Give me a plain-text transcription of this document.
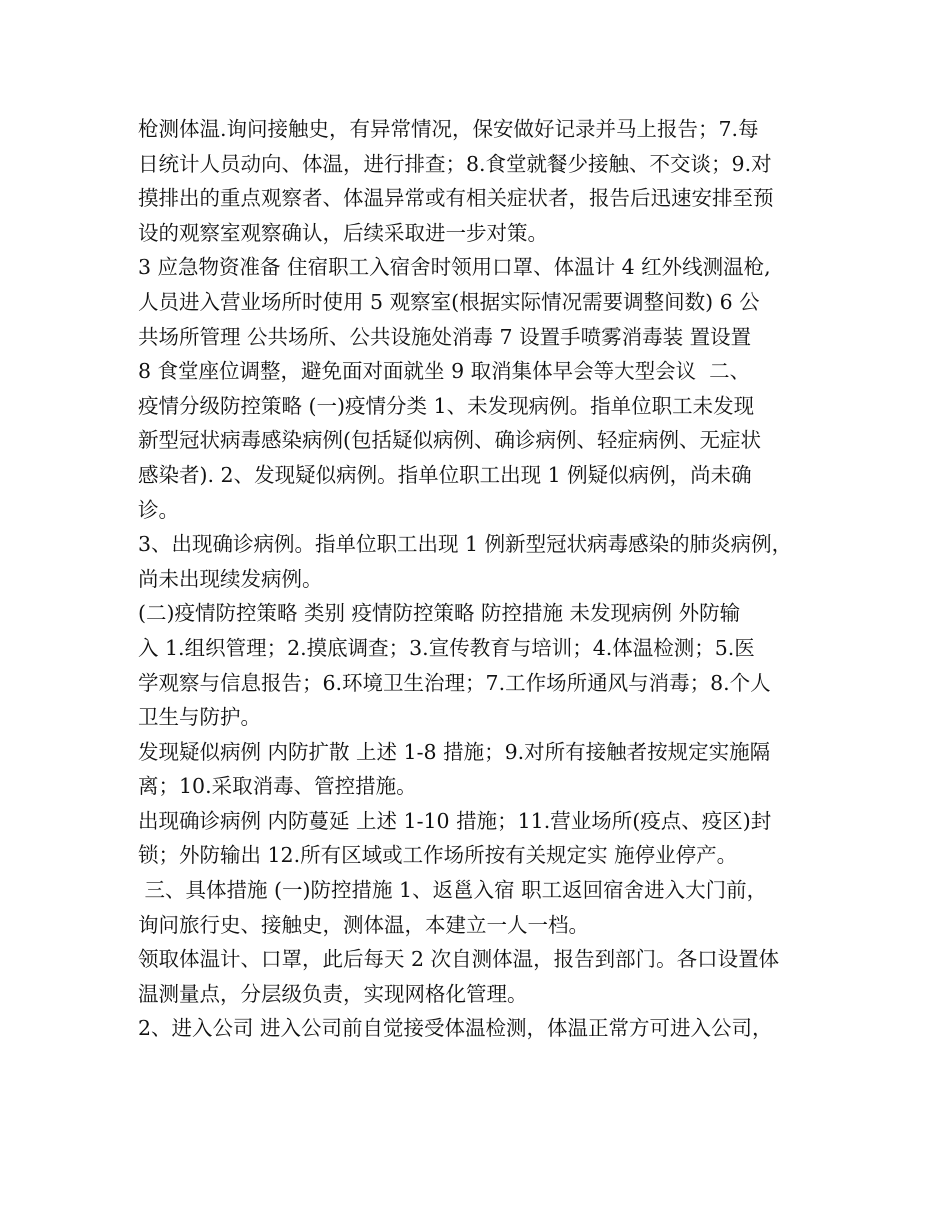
枪测体温.询问接触史，有异常情况，保安做好记录并马上报告；7.每
日统计人员动向、体温，进行排查；8.食堂就餐少接触、不交谈；9.对
摸排出的重点观察者、体温异常或有相关症状者，报告后迅速安排至预
设的观察室观察确认，后续采取进一步对策。
3 应急物资准备 住宿职工入宿舍时领用口罩、体温计 4 红外线测温枪,
人员进入营业场所时使用 5 观察室(根据实际情况需要调整间数) 6 公
共场所管理 公共场所、公共设施处消毒 7 设置手喷雾消毒装 置设置
8 食堂座位调整，避免面对面就坐 9 取消集体早会等大型会议  二、
疫情分级防控策略 (一)疫情分类 1、未发现病例。指单位职工未发现
新型冠状病毒感染病例(包括疑似病例、确诊病例、轻症病例、无症状
感染者). 2、发现疑似病例。指单位职工出现 1 例疑似病例，尚未确
诊。
3、出现确诊病例。指单位职工出现 1 例新型冠状病毒感染的肺炎病例，
尚未出现续发病例。
(二)疫情防控策略 类别 疫情防控策略 防控措施 未发现病例 外防输
入 1.组织管理；2.摸底调查；3.宣传教育与培训；4.体温检测；5.医
学观察与信息报告；6.环境卫生治理；7.工作场所通风与消毒；8.个人
卫生与防护。
发现疑似病例 内防扩散 上述 1-8 措施；9.对所有接触者按规定实施隔
离；10.采取消毒、管控措施。
出现确诊病例 内防蔓延 上述 1-10 措施；11.营业场所(疫点、疫区)封
锁；外防输出 12.所有区域或工作场所按有关规定实 施停业停产。
三、具体措施 (一)防控措施 1、返邕入宿 职工返回宿舍进入大门前，
询问旅行史、接触史，测体温，本建立一人一档。
领取体温计、口罩，此后每天 2 次自测体温，报告到部门。各口设置体
温测量点，分层级负责，实现网格化管理。
2、进入公司 进入公司前自觉接受体温检测，体温正常方可进入公司，
